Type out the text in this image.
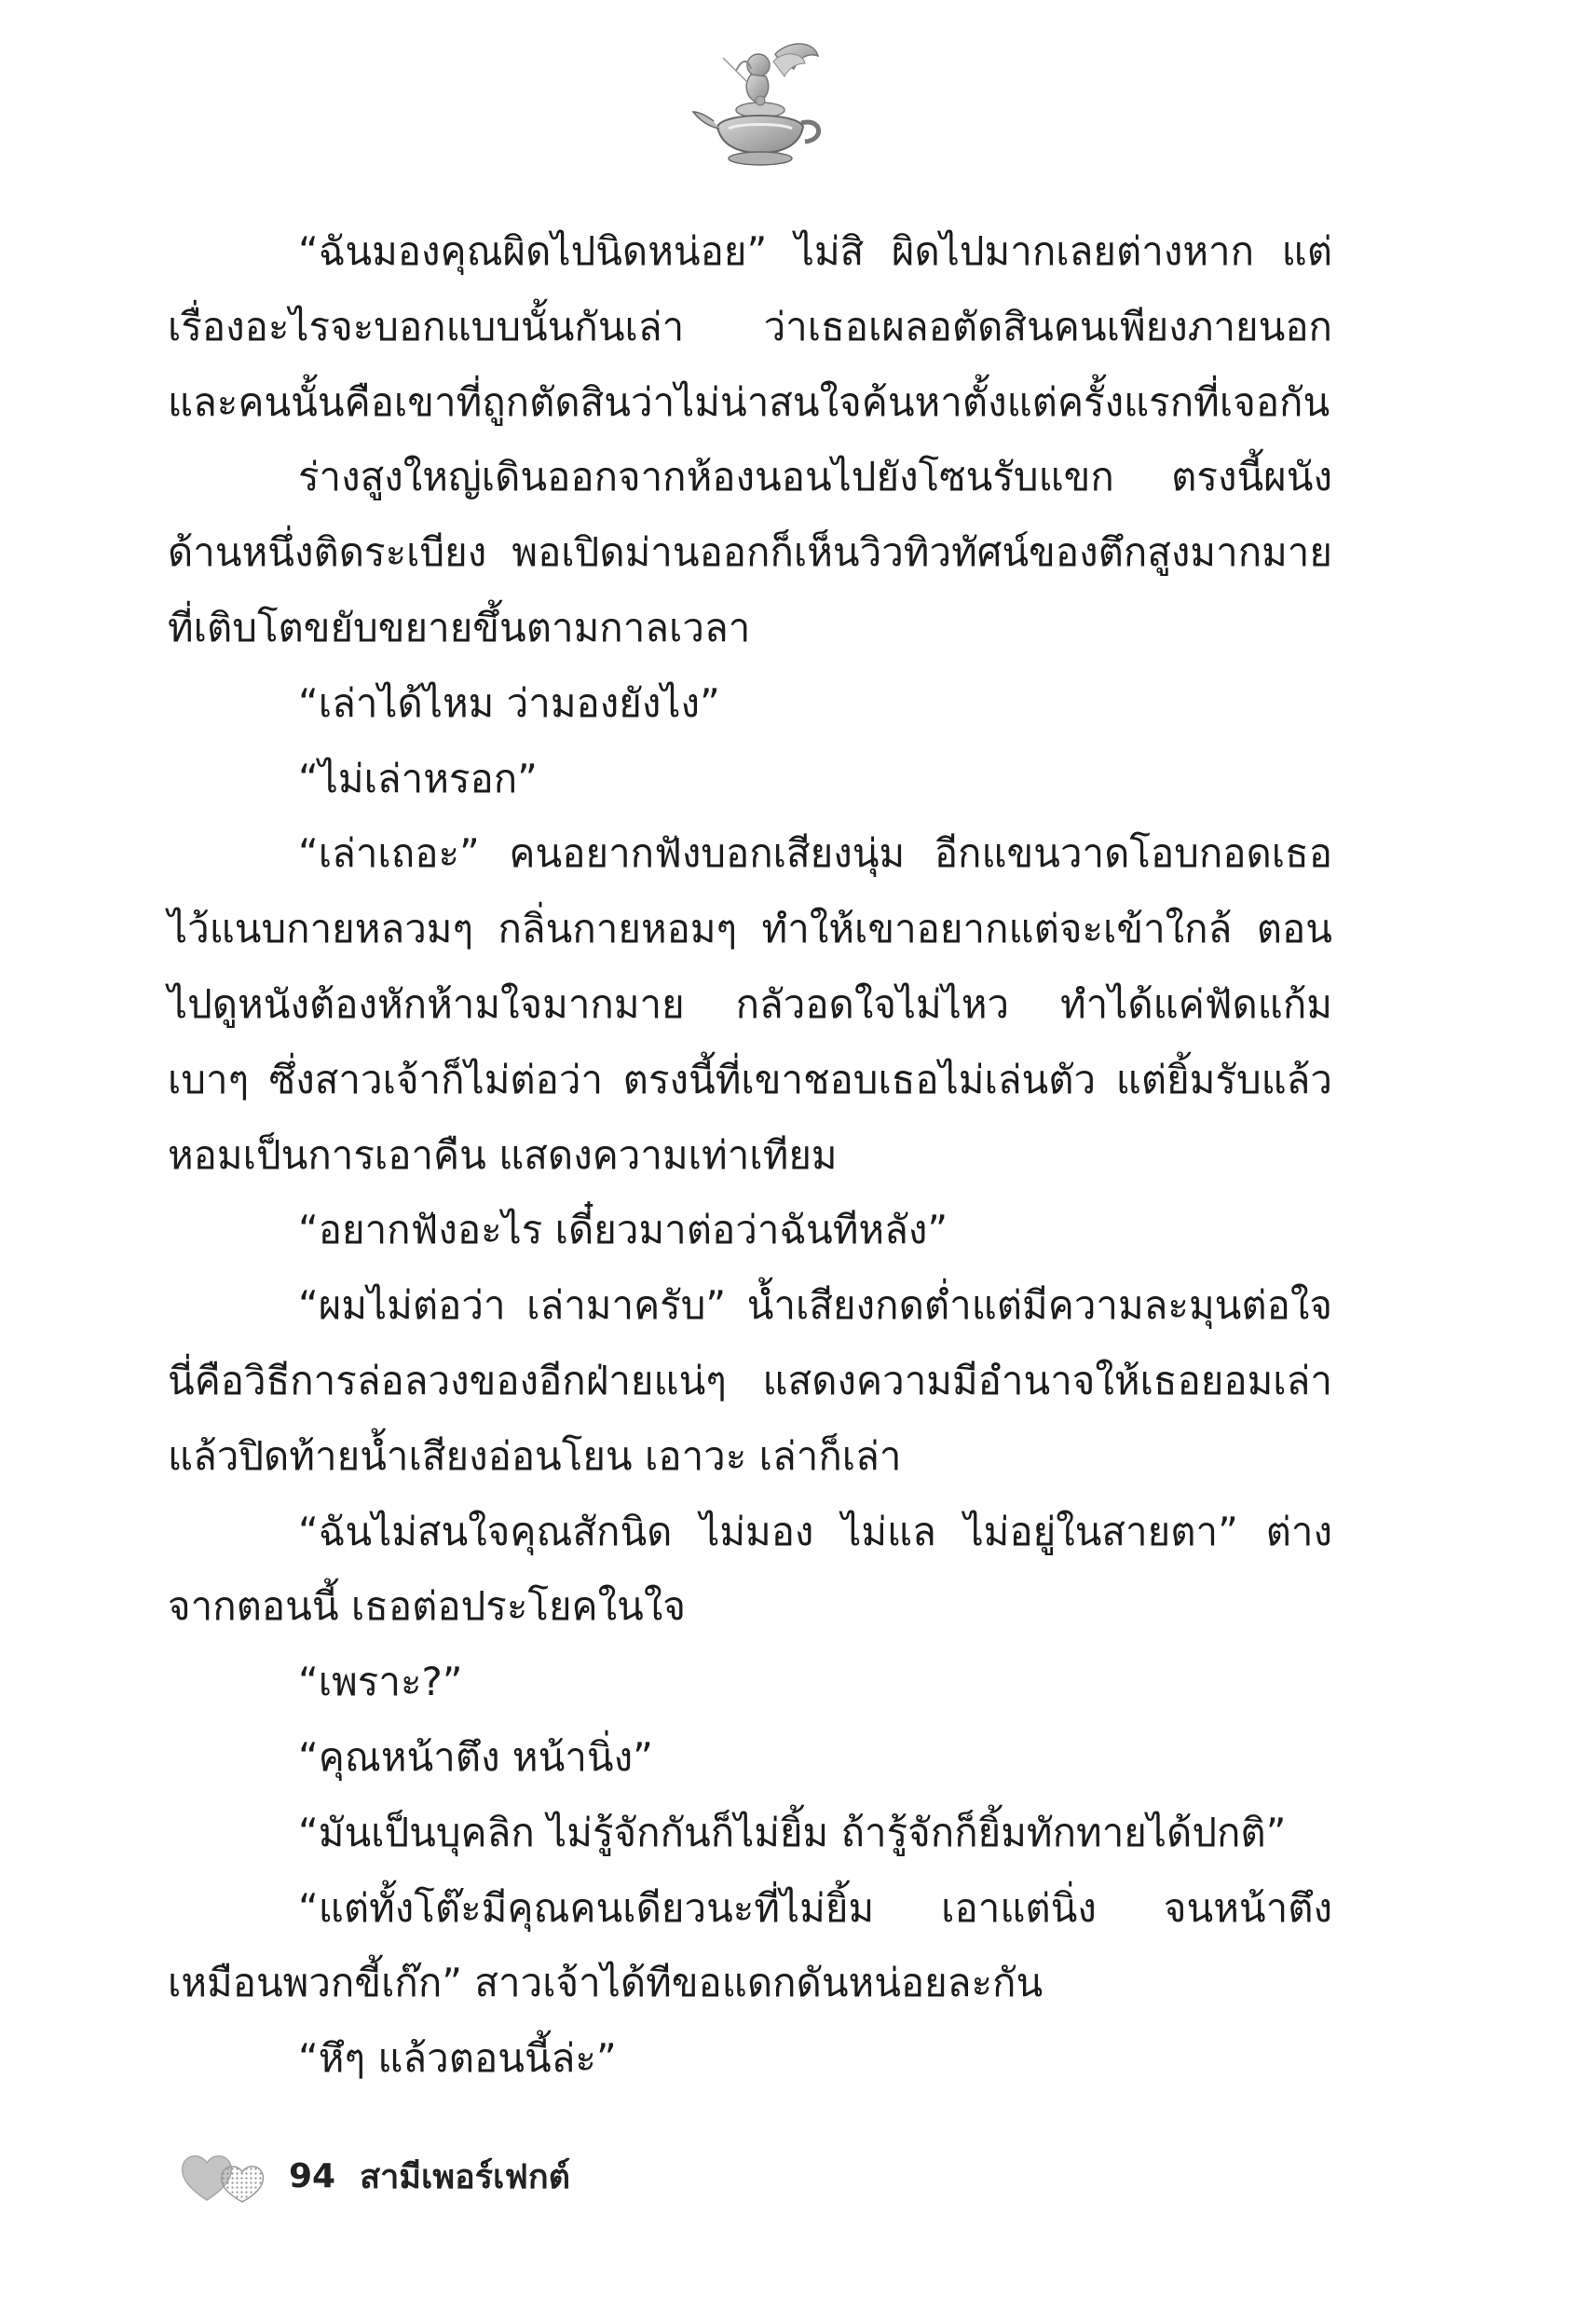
“ฉันมองคุณผิดไปนิดหน่อย” ไม่สิ ผิดไปมากเลยต่างหาก แต่เรื่องอะไรจะบอกแบบนั้นกันเล่า ว่าเธอเผลอตัดสินคนเพียงภายนอก และคนนั้นคือเขาที่ถูกตัดสินว่าไม่น่าสนใจค้นหาตั้งแต่ครั้งแรกที่เจอกัน

ร่างสูงใหญ่เดินออกจากห้องนอนไปยังโซนรับแขก ตรงนี้ผนังด้านหนึ่งติดระเบียง พอเปิดม่านออกก็เห็นวิวทิวทัศน์ของตึกสูงมากมายที่เติบโตขยับขยายขึ้นตามกาลเวลา

“เล่าได้ไหม ว่ามองยังไง”

“ไม่เล่าหรอก”

“เล่าเถอะ” คนอยากฟังบอกเสียงนุ่ม อีกแขนวาดโอบกอดเธอไว้แนบกายหลวมๆ กลิ่นกายหอมๆ ทำให้เขาอยากแต่จะเข้าใกล้ ตอนไปดูหนังต้องหักห้ามใจมากมาย กลัวอดใจไม่ไหว ทำได้แค่ฟัดแก้มเบาๆ ซึ่งสาวเจ้าก็ไม่ต่อว่า ตรงนี้ที่เขาชอบเธอไม่เล่นตัว แต่ยิ้มรับแล้วหอมเป็นการเอาคืน แสดงความเท่าเทียม

“อยากฟังอะไร เดี๋ยวมาต่อว่าฉันทีหลัง”

“ผมไม่ต่อว่า เล่ามาครับ” น้ำเสียงกดต่ำแต่มีความละมุนต่อใจ นี่คือวิธีการล่อลวงของอีกฝ่ายแน่ๆ แสดงความมีอำนาจให้เธอยอมเล่า แล้วปิดท้ายน้ำเสียงอ่อนโยน เอาวะ เล่าก็เล่า

“ฉันไม่สนใจคุณสักนิด ไม่มอง ไม่แล ไม่อยู่ในสายตา” ต่างจากตอนนี้ เธอต่อประโยคในใจ

“เพราะ?”

“คุณหน้าตึง หน้านิ่ง”

“มันเป็นบุคลิก ไม่รู้จักกันก็ไม่ยิ้ม ถ้ารู้จักก็ยิ้มทักทายได้ปกติ”

“แต่ทั้งโต๊ะมีคุณคนเดียวนะที่ไม่ยิ้ม เอาแต่นิ่ง จนหน้าตึงเหมือนพวกขี้เก๊ก” สาวเจ้าได้ทีขอแดกดันหน่อยละกัน

“หึๆ แล้วตอนนี้ล่ะ”

94 สามีเพอร์เฟกต์
